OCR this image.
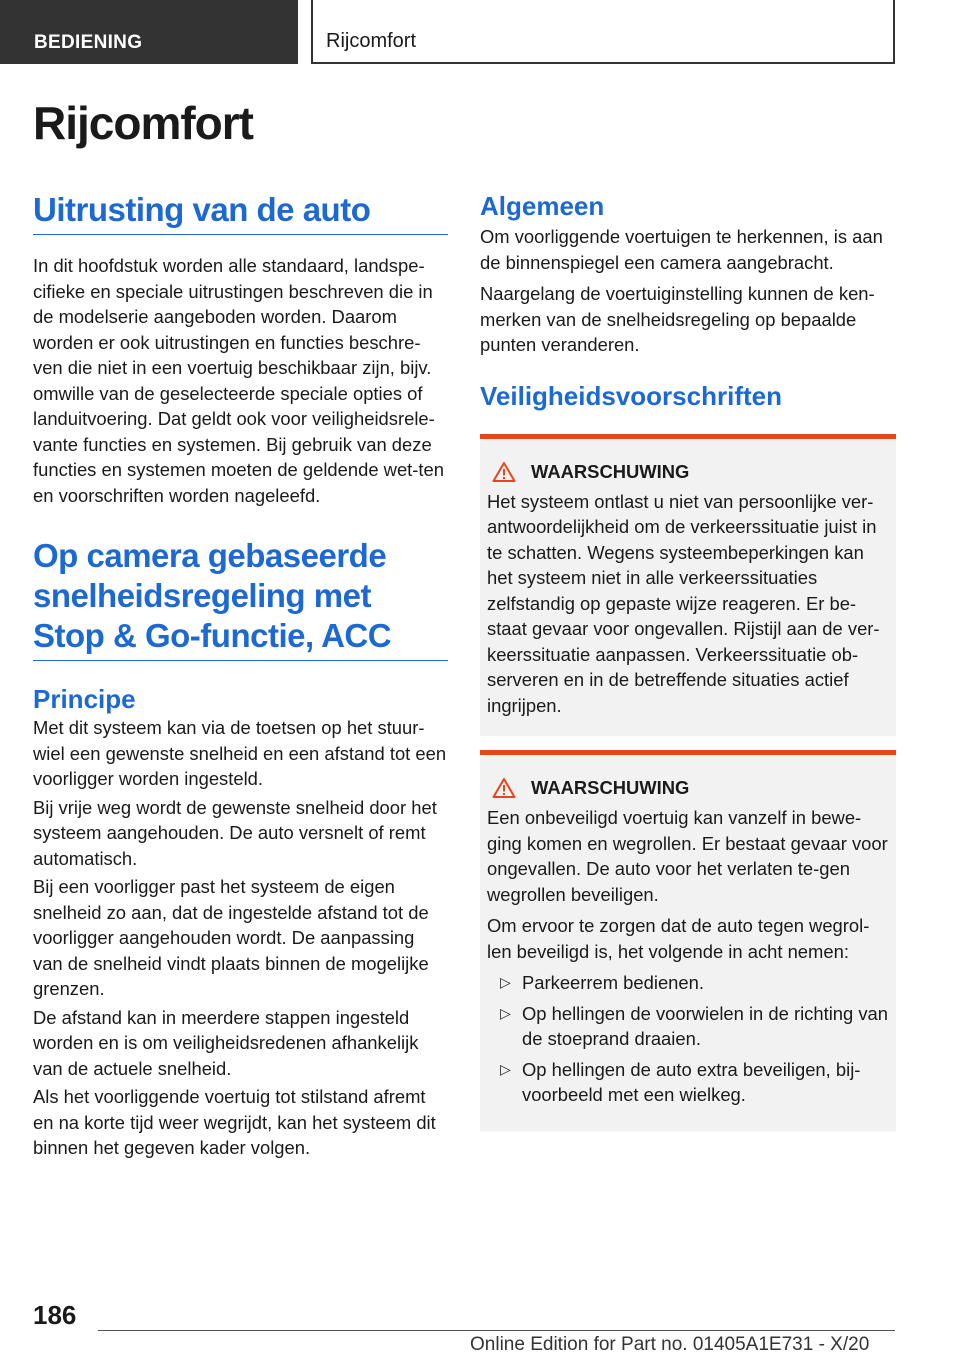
BEDIENING	Rijcomfort
Rijcomfort
Uitrusting van de auto

In dit hoofdstuk worden alle standaard, landspe-cifieke en speciale uitrustingen beschreven die in de modelserie aangeboden worden. Daarom worden er ook uitrustingen en functies beschre-ven die niet in een voertuig beschikbaar zijn, bijv. omwille van de geselecteerde speciale opties of landuitvoering. Dat geldt ook voor veiligheidsrele-vante functies en systemen. Bij gebruik van deze functies en systemen moeten de geldende wet-ten en voorschriften worden nageleefd.

Op camera gebaseerde snelheidsregeling met Stop & Go-functie, ACC
Principe

Met dit systeem kan via de toetsen op het stuur-wiel een gewenste snelheid en een afstand tot een voorligger worden ingesteld.

Bij vrije weg wordt de gewenste snelheid door het systeem aangehouden. De auto versnelt of remt automatisch.

Bij een voorligger past het systeem de eigen snelheid zo aan, dat de ingestelde afstand tot de voorligger aangehouden wordt. De aanpassing van de snelheid vindt plaats binnen de mogelijke grenzen.

De afstand kan in meerdere stappen ingesteld worden en is om veiligheidsredenen afhankelijk van de actuele snelheid.

Als het voorliggende voertuig tot stilstand afremt en na korte tijd weer wegrijdt, kan het systeem dit binnen het gegeven kader volgen.

Algemeen

Om voorliggende voertuigen te herkennen, is aan de binnenspiegel een camera aangebracht.

Naargelang de voertuiginstelling kunnen de ken-merken van de snelheidsregeling op bepaalde punten veranderen.

Veiligheidsvoorschriften
WAARSCHUWING

Het systeem ontlast u niet van persoonlijke ver-antwoordelijkheid om de verkeerssituatie juist in te schatten. Wegens systeembeperkingen kan het systeem niet in alle verkeerssituaties zelfstandig op gepaste wijze reageren. Er be-staat gevaar voor ongevallen. Rijstijl aan de ver-keerssituatie aanpassen. Verkeerssituatie ob-serveren en in de betreffende situaties actief ingrijpen.

WAARSCHUWING

Een onbeveiligd voertuig kan vanzelf in bewe-ging komen en wegrollen. Er bestaat gevaar voor ongevallen. De auto voor het verlaten te-gen wegrollen beveiligen.

Om ervoor te zorgen dat de auto tegen wegrol-len beveiligd is, het volgende in acht nemen:

▷ Parkeerrem bedienen.
▷ Op hellingen de voorwielen in de richting van de stoeprand draaien.
▷ Op hellingen de auto extra beveiligen, bij-voorbeeld met een wielkeg.
186
Online Edition for Part no. 01405A1E731 - X/20
